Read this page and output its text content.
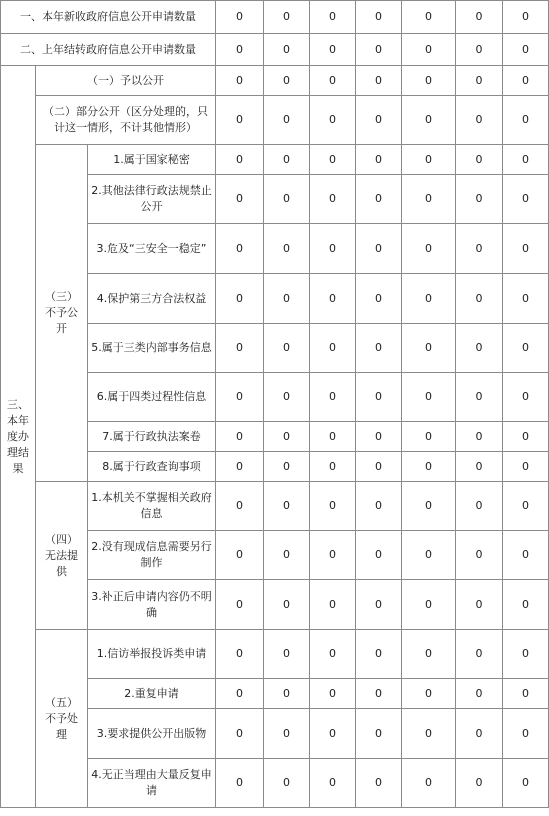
一、本年新收政府信息公开申请数量			0	0	0	0	0	0	0
二、上年结转政府信息公开申请数量			0	0	0	0	0	0	0
三、本年度办理结果	（一）予以公开		0	0	0	0	0	0	0
	（二）部分公开（区分处理的，只计这一情形，不计其他情形）		0	0	0	0	0	0	0
	（三）不予公开	1.属于国家秘密	0	0	0	0	0	0	0
		2.其他法律行政法规禁止公开	0	0	0	0	0	0	0
		3.危及“三安全一稳定”	0	0	0	0	0	0	0
		4.保护第三方合法权益	0	0	0	0	0	0	0
		5.属于三类内部事务信息	0	0	0	0	0	0	0
		6.属于四类过程性信息	0	0	0	0	0	0	0
		7.属于行政执法案卷	0	0	0	0	0	0	0
		8.属于行政查询事项	0	0	0	0	0	0	0
	（四）无法提供	1.本机关不掌握相关政府信息	0	0	0	0	0	0	0
		2.没有现成信息需要另行制作	0	0	0	0	0	0	0
		3.补正后申请内容仍不明确	0	0	0	0	0	0	0
	（五）不予处理	1.信访举报投诉类申请	0	0	0	0	0	0	0
		2.重复申请	0	0	0	0	0	0	0
		3.要求提供公开出版物	0	0	0	0	0	0	0
		4.无正当理由大量反复申请	0	0	0	0	0	0	0
